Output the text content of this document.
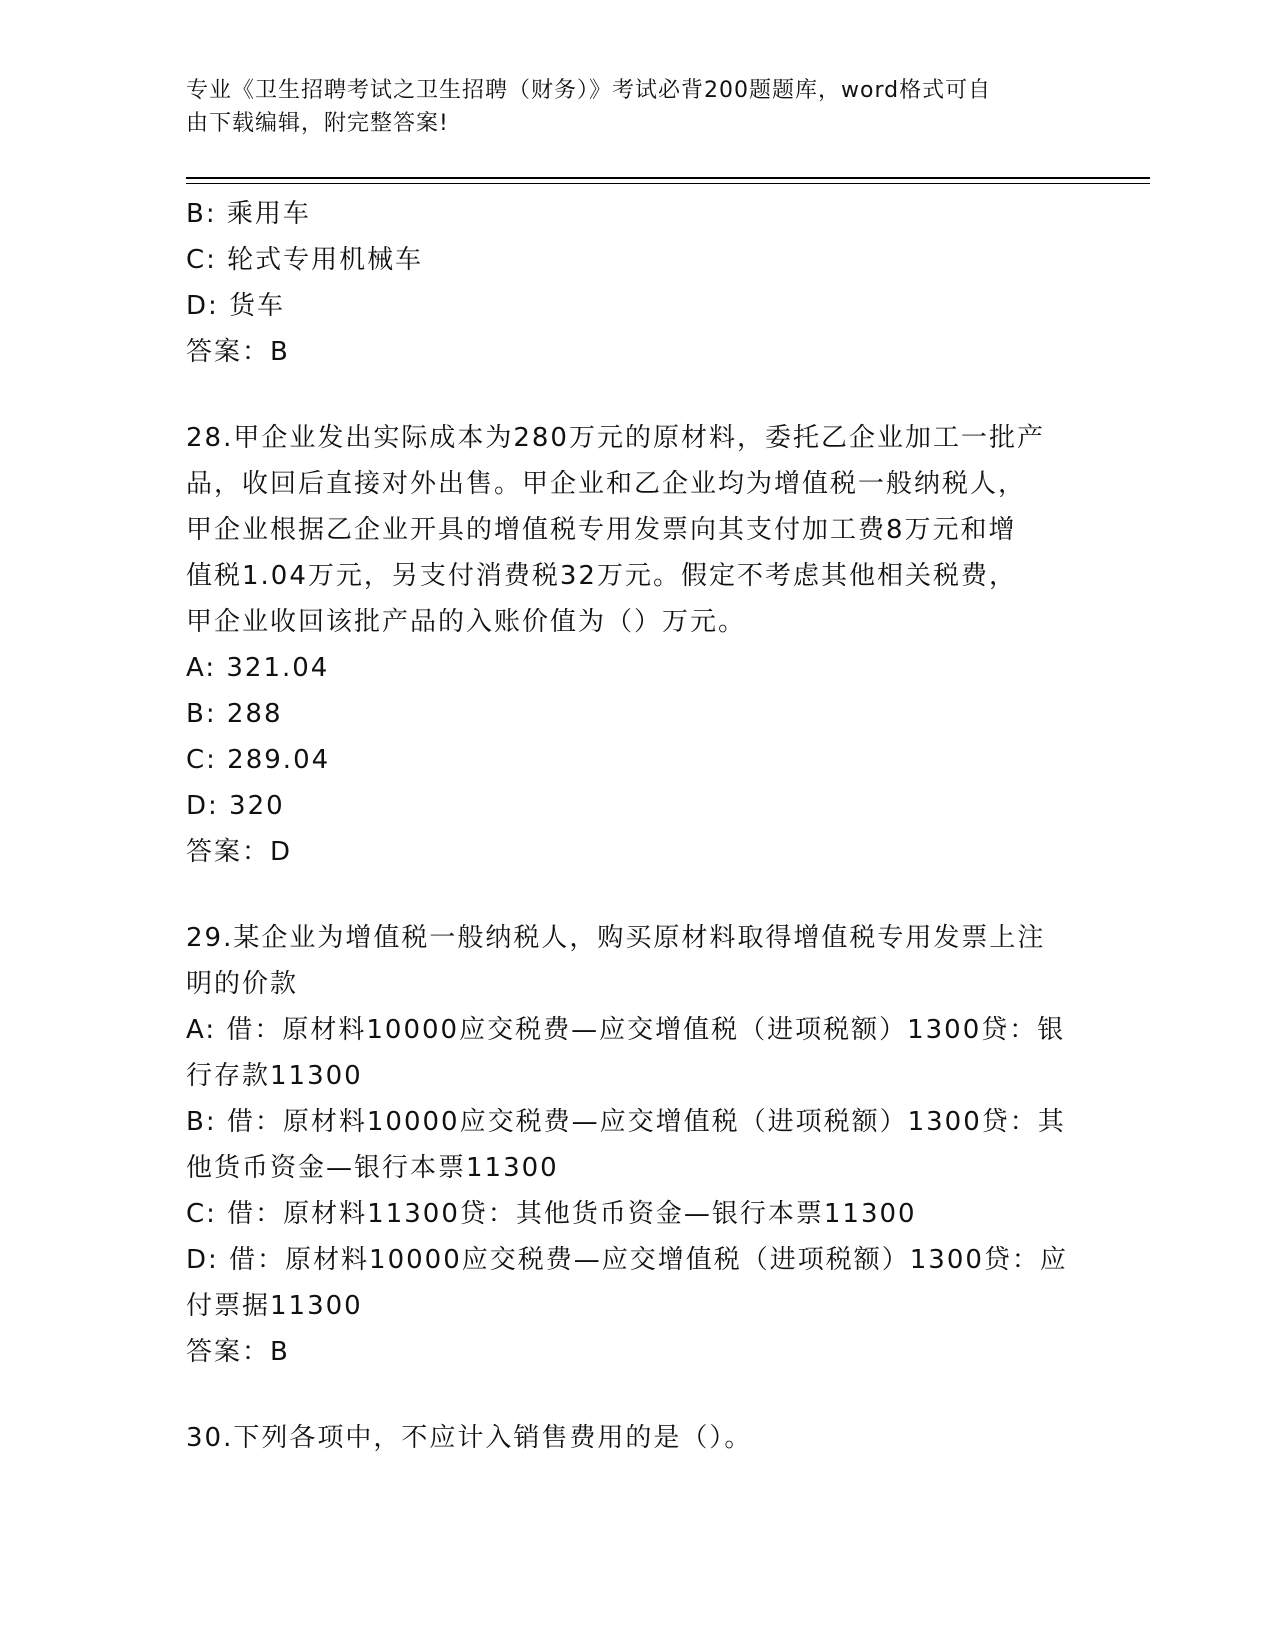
专业《卫生招聘考试之卫生招聘（财务）》考试必背200题题库，word格式可自
由下载编辑，附完整答案!
B: 乘用车
C: 轮式专用机械车
D: 货车
答案：B
28.甲企业发出实际成本为280万元的原材料，委托乙企业加工一批产
品，收回后直接对外出售。甲企业和乙企业均为增值税一般纳税人，
甲企业根据乙企业开具的增值税专用发票向其支付加工费8万元和增
值税1.04万元，另支付消费税32万元。假定不考虑其他相关税费，
甲企业收回该批产品的入账价值为（）万元。
A: 321.04
B: 288
C: 289.04
D: 320
答案：D
29.某企业为增值税一般纳税人，购买原材料取得增值税专用发票上注
明的价款
A: 借：原材料10000应交税费—应交增值税（进项税额）1300贷：银
行存款11300
B: 借：原材料10000应交税费—应交增值税（进项税额）1300贷：其
他货币资金—银行本票11300
C: 借：原材料11300贷：其他货币资金—银行本票11300
D: 借：原材料10000应交税费—应交增值税（进项税额）1300贷：应
付票据11300
答案：B
30.下列各项中，不应计入销售费用的是（）。
